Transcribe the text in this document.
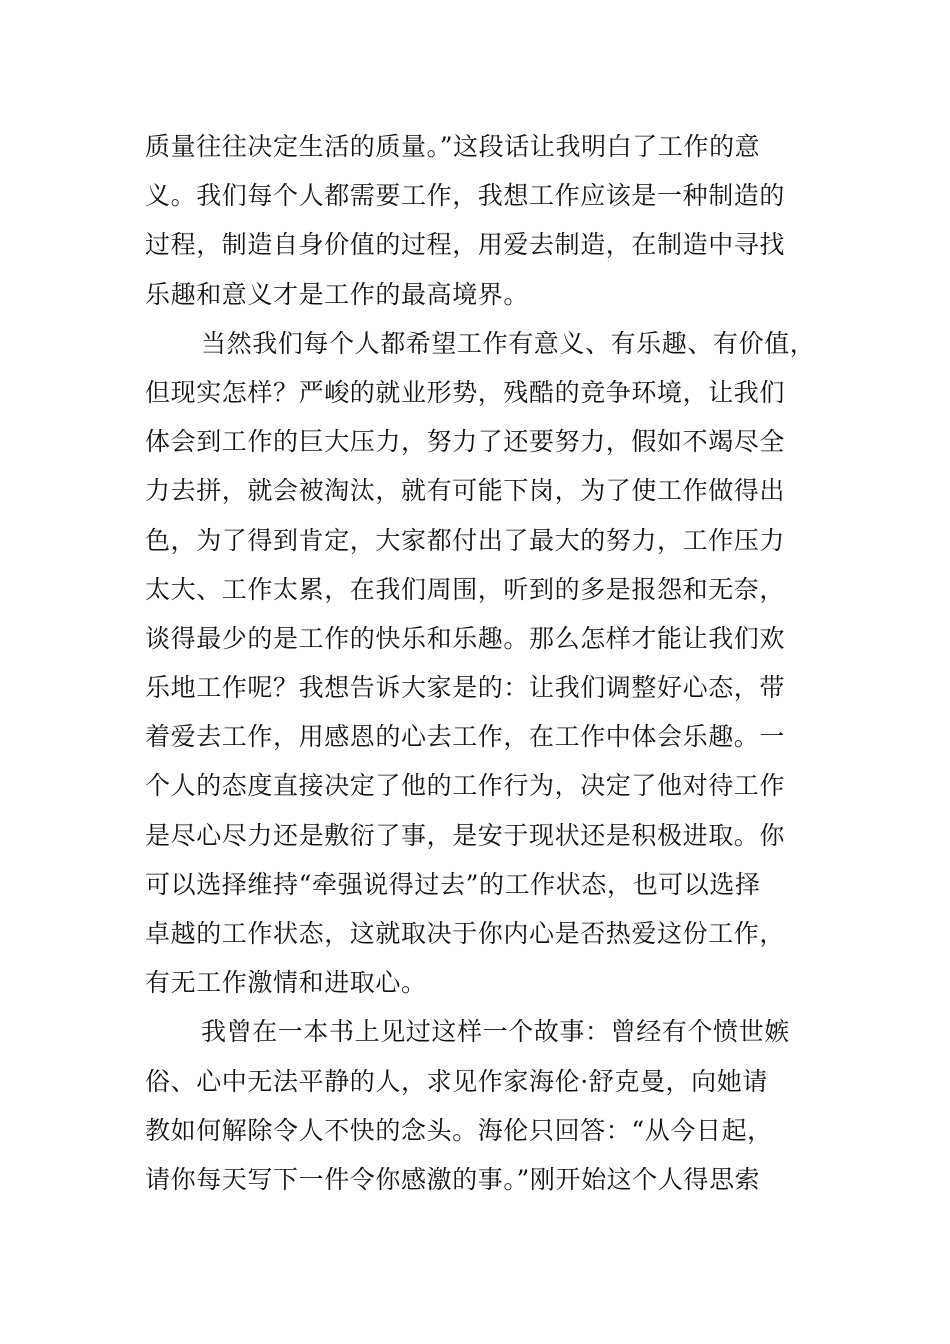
质量往往决定生活的质量。”这段话让我明白了工作的意
义。我们每个人都需要工作，我想工作应该是一种制造的
过程，制造自身价值的过程，用爱去制造，在制造中寻找
乐趣和意义才是工作的最高境界。
当然我们每个人都希望工作有意义、有乐趣、有价值，
但现实怎样？严峻的就业形势，残酷的竞争环境，让我们
体会到工作的巨大压力，努力了还要努力，假如不竭尽全
力去拼，就会被淘汰，就有可能下岗，为了使工作做得出
色，为了得到肯定，大家都付出了最大的努力，工作压力
太大、工作太累，在我们周围，听到的多是报怨和无奈，
谈得最少的是工作的快乐和乐趣。那么怎样才能让我们欢
乐地工作呢？我想告诉大家是的：让我们调整好心态，带
着爱去工作，用感恩的心去工作，在工作中体会乐趣。一
个人的态度直接决定了他的工作行为，决定了他对待工作
是尽心尽力还是敷衍了事，是安于现状还是积极进取。你
可以选择维持“牵强说得过去”的工作状态，也可以选择
卓越的工作状态，这就取决于你内心是否热爱这份工作，
有无工作激情和进取心。
我曾在一本书上见过这样一个故事：曾经有个愤世嫉
俗、心中无法平静的人，求见作家海伦·舒克曼，向她请
教如何解除令人不快的念头。海伦只回答：“从今日起，
请你每天写下一件令你感激的事。”刚开始这个人得思索
